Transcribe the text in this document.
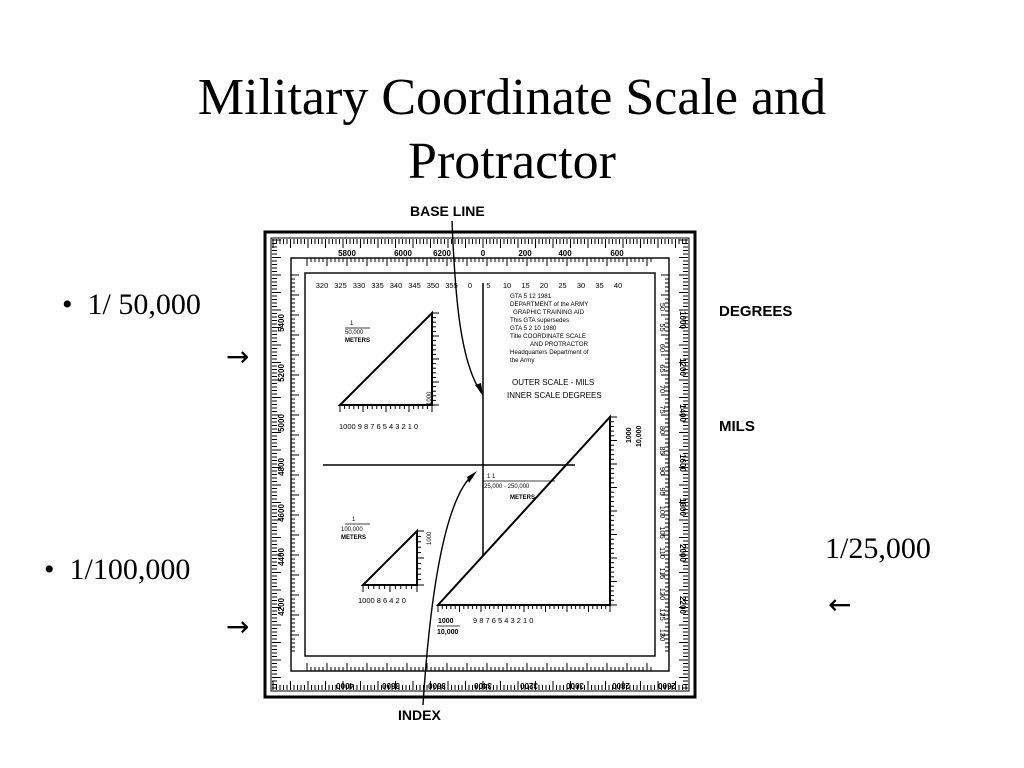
Military Coordinate Scale and
Protractor
• 1/ 50,000
→
• 1/100,000
→
1/25,000
←
DEGREES
MILS
BASE LINE
INDEX
5800	6000	6200	0	200	400	600
320 325 330 335 340 345 350 355 0 5 10 15 20 25 30 35 40
5400
5200
5000
4800
4600
4400
4200
1000
1200
1400
1600
1800
2000
2200
50
55
60
65
70
75
80
85
90
95
100
105
110
115
120
125
130
4000	3800	3600	3400	3200	3000	2800	2600
GTA 5 12 1981
DEPARTMENT of the ARMY
GRAPHIC TRAINING AID
This GTA supersedes
GTA 5 2 10 1980
Title COORDINATE SCALE
AND PROTRACTOR
Headquarters Department of
the Army
OUTER SCALE - MILS
INNER SCALE DEGREES
1
50,000
METERS
1000 9 8 7 6 5 4 3 2 1 0
1
100,000
METERS
1000 8 6 4 2 0
1 1
25,000 - 250,000
METERS
1000
10,000
9 8 7 6 5 4 3 2 1 0
1000
1000
1000 10,000
